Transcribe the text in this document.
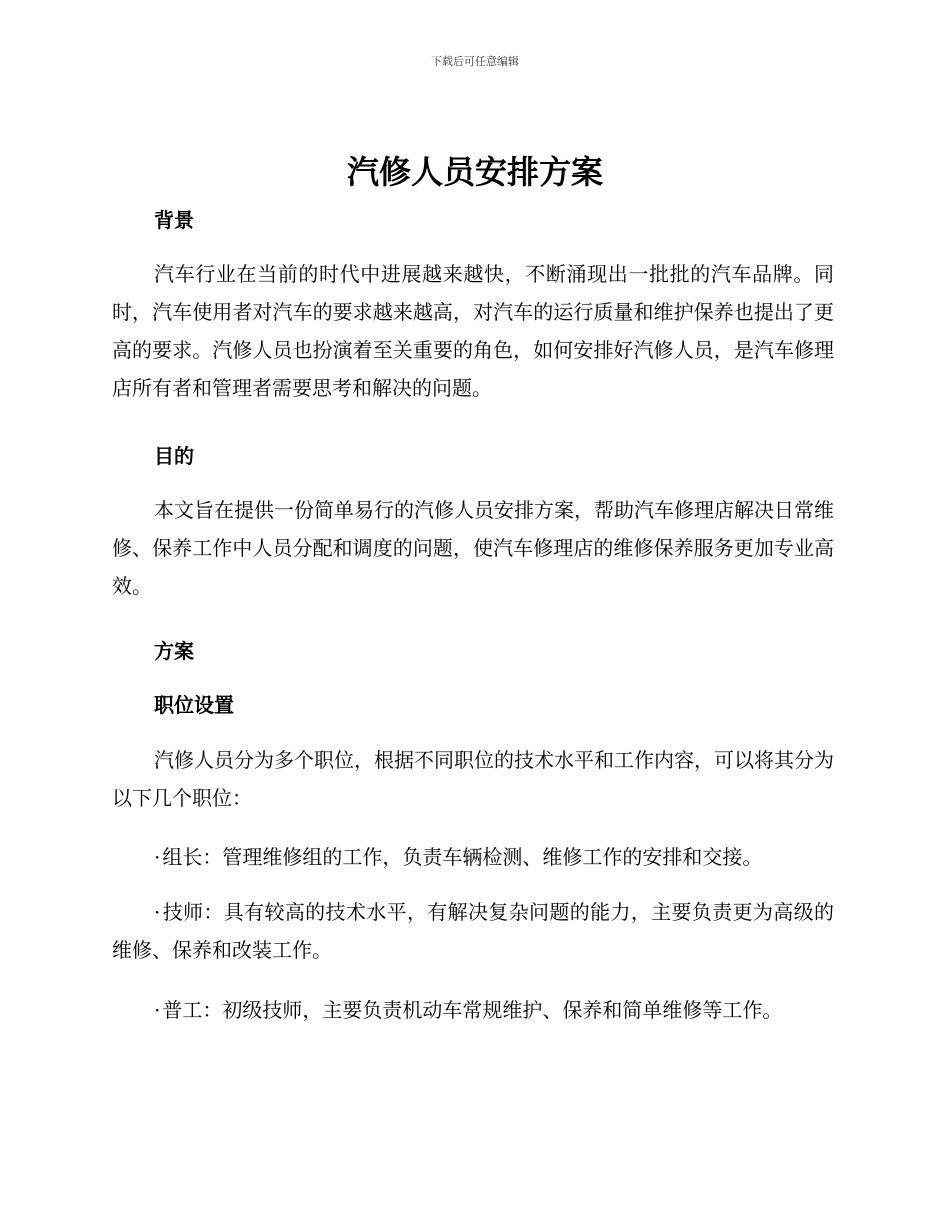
下载后可任意编辑
汽修人员安排方案

背景

汽车行业在当前的时代中进展越来越快，不断涌现出一批批的汽车品牌。同时，汽车使用者对汽车的要求越来越高，对汽车的运行质量和维护保养也提出了更高的要求。汽修人员也扮演着至关重要的角色，如何安排好汽修人员，是汽车修理店所有者和管理者需要思考和解决的问题。

目的

本文旨在提供一份简单易行的汽修人员安排方案，帮助汽车修理店解决日常维修、保养工作中人员分配和调度的问题，使汽车修理店的维修保养服务更加专业高效。

方案

职位设置

汽修人员分为多个职位，根据不同职位的技术水平和工作内容，可以将其分为以下几个职位：

· 组长：管理维修组的工作，负责车辆检测、维修工作的安排和交接。

· 技师：具有较高的技术水平，有解决复杂问题的能力，主要负责更为高级的维修、保养和改装工作。

· 普工：初级技师，主要负责机动车常规维护、保养和简单维修等工作。
